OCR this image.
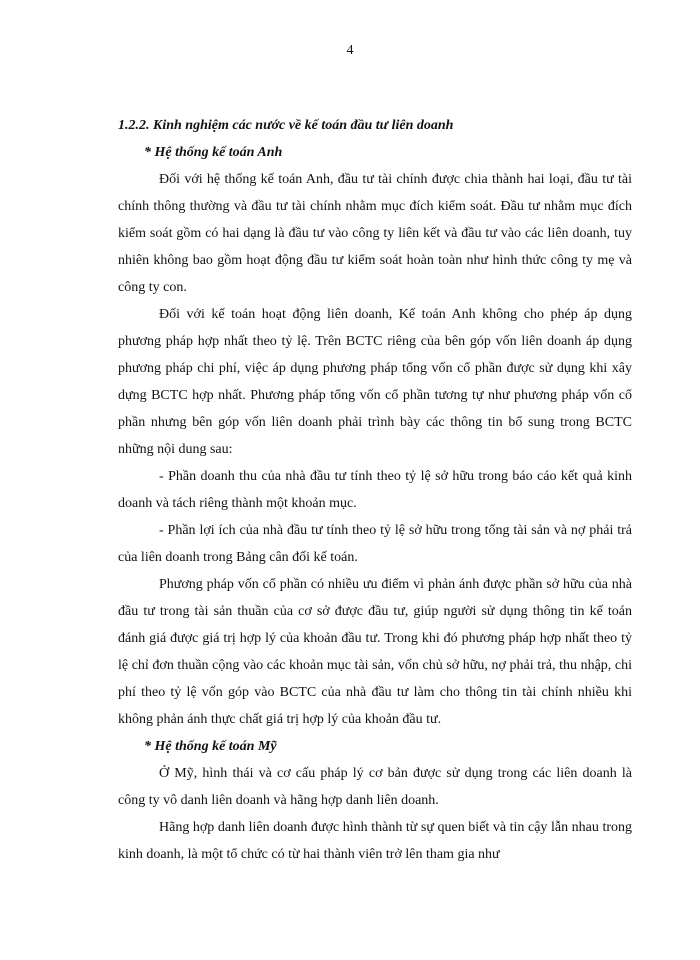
4

1.2.2. Kinh nghiệm các nước về kế toán đầu tư liên doanh

* Hệ thống kế toán Anh

Đối với hệ thống kế toán Anh, đầu tư tài chính được chia thành hai loại, đầu tư tài chính thông thường và đầu tư tài chính nhằm mục đích kiểm soát. Đầu tư nhằm mục đích kiểm soát gồm có hai dạng là đầu tư vào công ty liên kết và đầu tư vào các liên doanh, tuy nhiên không bao gồm hoạt động đầu tư kiểm soát hoàn toàn như hình thức công ty mẹ và công ty con.

Đối với kế toán hoạt động liên doanh, Kế toán Anh không cho phép áp dụng phương pháp hợp nhất theo tỷ lệ. Trên BCTC riêng của bên góp vốn liên doanh áp dụng phương pháp chi phí, việc áp dụng phương pháp tổng vốn cổ phần được sử dụng khi xây dựng BCTC hợp nhất. Phương pháp tổng vốn cổ phần tương tự như phương pháp vốn cổ phần nhưng bên góp vốn liên doanh phải trình bày các thông tin bổ sung trong BCTC những nội dung sau:

- Phần doanh thu của nhà đầu tư tính theo tỷ lệ sở hữu trong báo cáo kết quả kinh doanh và tách riêng thành một khoản mục.

- Phần lợi ích của nhà đầu tư tính theo tỷ lệ sở hữu trong tổng tài sản và nợ phải trả của liên doanh trong Bảng cân đối kế toán.

Phương pháp vốn cổ phần có nhiều ưu điểm vì phản ánh được phần sở hữu của nhà đầu tư trong tài sản thuần của cơ sở được đầu tư, giúp người sử dụng thông tin kế toán đánh giá được giá trị hợp lý của khoản đầu tư. Trong khi đó phương pháp hợp nhất theo tỷ lệ chỉ đơn thuần cộng vào các khoản mục tài sản, vốn chủ sở hữu, nợ phải trả, thu nhập, chi phí theo tỷ lệ vốn góp vào BCTC của nhà đầu tư làm cho thông tin tài chính nhiều khi không phản ánh thực chất giá trị hợp lý của khoản đầu tư.

* Hệ thống kế toán Mỹ

Ở Mỹ, hình thái và cơ cấu pháp lý cơ bản được sử dụng trong các liên doanh là công ty vô danh liên doanh và hãng hợp danh liên doanh.

Hãng hợp danh liên doanh được hình thành từ sự quen biết và tin cậy lẫn nhau trong kinh doanh, là một tổ chức có từ hai thành viên trở lên tham gia như
